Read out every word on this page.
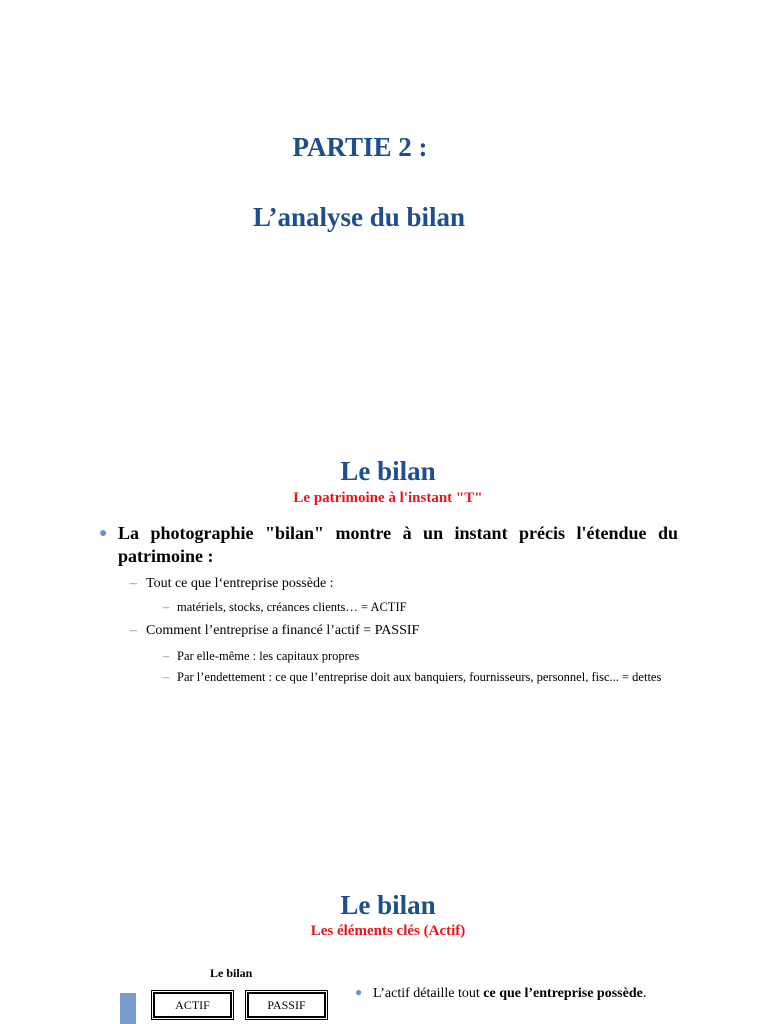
PARTIE 2 :
L’analyse du bilan
Le bilan
Le patrimoine à l'instant "T"
● La photographie "bilan" montre à un instant précis l'étendue du patrimoine :
– Tout ce que l‘entreprise possède :
– matériels, stocks, créances clients… = ACTIF
– Comment l’entreprise a financé l’actif = PASSIF
– Par elle-même : les capitaux propres
– Par l’endettement : ce que l’entreprise doit aux banquiers, fournisseurs, personnel, fisc... = dettes
Le bilan
Les éléments clés (Actif)
Le bilan
ACTIF	PASSIF
● L’actif détaille tout ce que l’entreprise possède.
